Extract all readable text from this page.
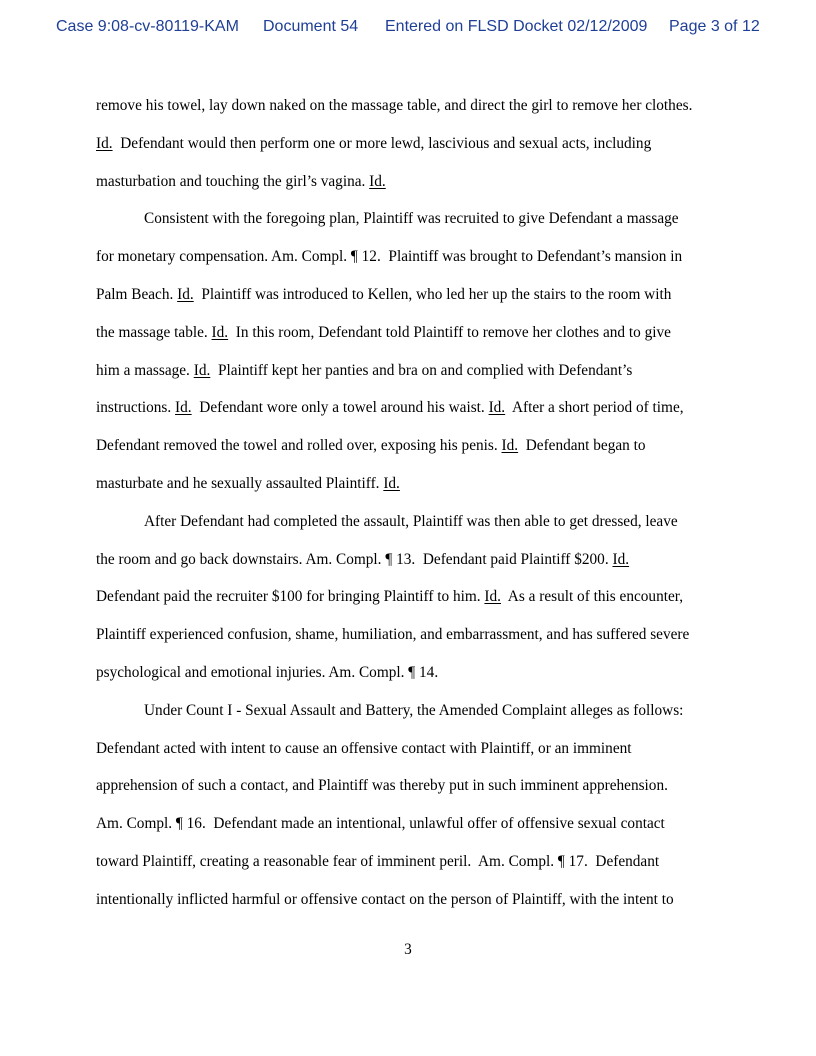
Case 9:08-cv-80119-KAM Document 54 Entered on FLSD Docket 02/12/2009 Page 3 of 12
remove his towel, lay down naked on the massage table, and direct the girl to remove her clothes.
Id.  Defendant would then perform one or more lewd, lascivious and sexual acts, including
masturbation and touching the girl’s vagina. Id.
Consistent with the foregoing plan, Plaintiff was recruited to give Defendant a massage
for monetary compensation. Am. Compl. ¶ 12.  Plaintiff was brought to Defendant’s mansion in
Palm Beach. Id.  Plaintiff was introduced to Kellen, who led her up the stairs to the room with
the massage table. Id.  In this room, Defendant told Plaintiff to remove her clothes and to give
him a massage. Id.  Plaintiff kept her panties and bra on and complied with Defendant’s
instructions. Id.  Defendant wore only a towel around his waist. Id.  After a short period of time,
Defendant removed the towel and rolled over, exposing his penis. Id.  Defendant began to
masturbate and he sexually assaulted Plaintiff. Id.
After Defendant had completed the assault, Plaintiff was then able to get dressed, leave
the room and go back downstairs. Am. Compl. ¶ 13.  Defendant paid Plaintiff $200. Id.
Defendant paid the recruiter $100 for bringing Plaintiff to him. Id.  As a result of this encounter,
Plaintiff experienced confusion, shame, humiliation, and embarrassment, and has suffered severe
psychological and emotional injuries. Am. Compl. ¶ 14.
Under Count I - Sexual Assault and Battery, the Amended Complaint alleges as follows:
Defendant acted with intent to cause an offensive contact with Plaintiff, or an imminent
apprehension of such a contact, and Plaintiff was thereby put in such imminent apprehension.
Am. Compl. ¶ 16.  Defendant made an intentional, unlawful offer of offensive sexual contact
toward Plaintiff, creating a reasonable fear of imminent peril.  Am. Compl. ¶ 17.  Defendant
intentionally inflicted harmful or offensive contact on the person of Plaintiff, with the intent to
3
